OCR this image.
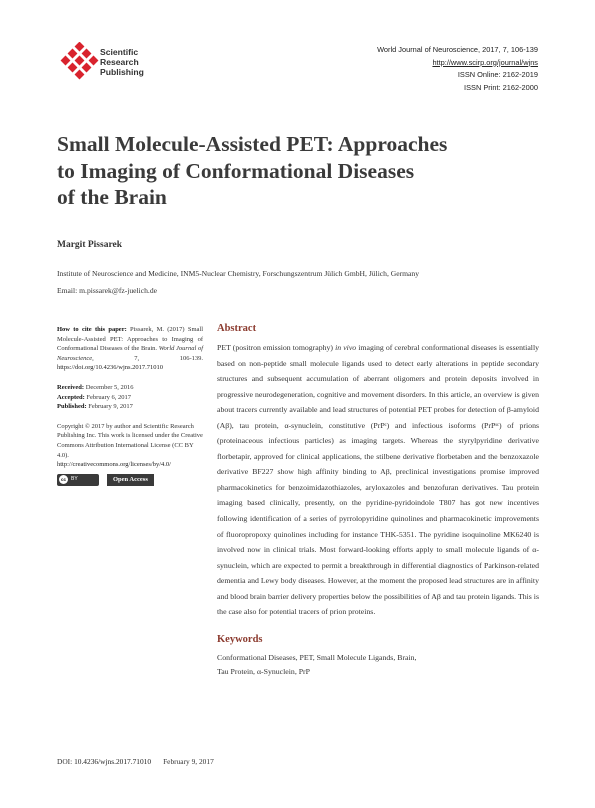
Scientific
Research
Publishing
World Journal of Neuroscience, 2017, 7, 106-139
http://www.scirp.org/journal/wjns
ISSN Online: 2162-2019
ISSN Print: 2162-2000
Small Molecule-Assisted PET: Approaches
to Imaging of Conformational Diseases
of the Brain
Margit Pissarek
Institute of Neuroscience and Medicine, INM5-Nuclear Chemistry, Forschungszentrum Jülich GmbH, Jülich, Germany
Email: m.pissarek@fz-juelich.de

How to cite this paper: Pissarek, M. (2017) Small Molecule-Assisted PET: Approaches to Imaging of Conformational Diseases of the Brain. World Journal of Neuroscience, 7, 106-139. https://doi.org/10.4236/wjns.2017.71010

Received: December 5, 2016
Accepted: February 6, 2017
Published: February 9, 2017

Copyright © 2017 by author and Scientific Research Publishing Inc. This work is licensed under the Creative Commons Attribution International License (CC BY 4.0).
http://creativecommons.org/licenses/by/4.0/

cc	BY	Open Access
Abstract

PET (positron emission tomography) in vivo imaging of cerebral conformational diseases is essentially based on non-peptide small molecule ligands used to detect early alterations in peptide secondary structures and subsequent accumulation of aberrant oligomers and protein deposits involved in progressive neurodegeneration, cognitive and movement disorders. In this article, an overview is given about tracers currently available and lead structures of potential PET probes for detection of β-amyloid (Aβ), tau protein, α-synuclein, constitutive (PrPᶜ) and infectious isoforms (PrPˢᶜ) of prions (proteinaceous infectious particles) as imaging targets. Whereas the styrylpyridine derivative florbetapir, approved for clinical applications, the stilbene derivative florbetaben and the benzoxazole derivative BF227 show high affinity binding to Aβ, preclinical investigations promise improved pharmacokinetics for benzoimidazothiazoles, aryloxazoles and benzofuran derivatives. Tau protein imaging based clinically, presently, on the pyridine-pyridoindole T807 has got new incentives following identification of a series of pyrrolopyridine quinolines and pharmacokinetic improvements of fluoropropoxy quinolines including for instance THK-5351. The pyridine isoquinoline MK6240 is involved now in clinical trials. Most forward-looking efforts apply to small molecule ligands of α-synuclein, which are expected to permit a breakthrough in differential diagnostics of Parkinson-related dementia and Lewy body diseases. However, at the moment the proposed lead structures are in affinity and blood brain barrier delivery properties below the possibilities of Aβ and tau protein ligands. This is the case also for potential tracers of prion proteins.

Keywords
Conformational Diseases, PET, Small Molecule Ligands, Brain,
Tau Protein, α-Synuclein, PrP
DOI: 10.4236/wjns.2017.71010 February 9, 2017
